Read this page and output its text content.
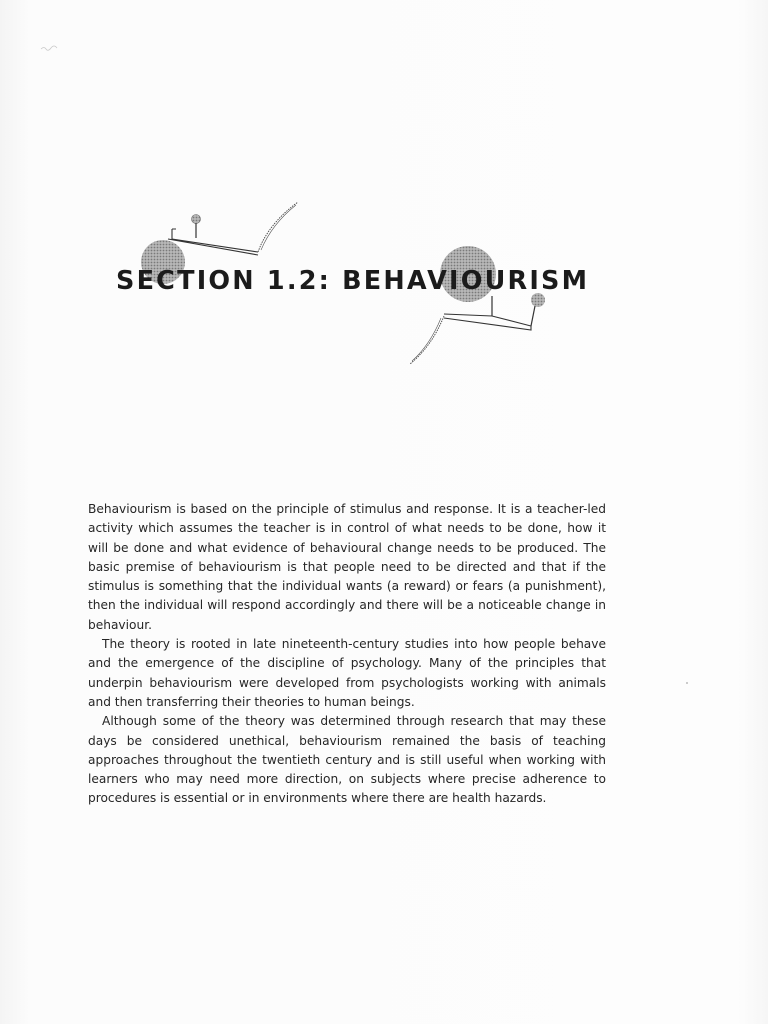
SECTION 1.2: BEHAVIOURISM

Behaviourism is based on the principle of stimulus and response. It is a teacher-led activity which assumes the teacher is in control of what needs to be done, how it will be done and what evidence of behavioural change needs to be produced. The basic premise of behaviourism is that people need to be directed and that if the stimulus is something that the individual wants (a reward) or fears (a punishment), then the individual will respond accordingly and there will be a noticeable change in behaviour.

The theory is rooted in late nineteenth-century studies into how people behave and the emergence of the discipline of psychology. Many of the principles that underpin behaviourism were developed from psychologists working with animals and then transferring their theories to human beings.

Although some of the theory was determined through research that may these days be considered unethical, behaviourism remained the basis of teaching approaches throughout the twentieth century and is still useful when working with learners who may need more direction, on subjects where precise adherence to procedures is essential or in environments where there are health hazards.
